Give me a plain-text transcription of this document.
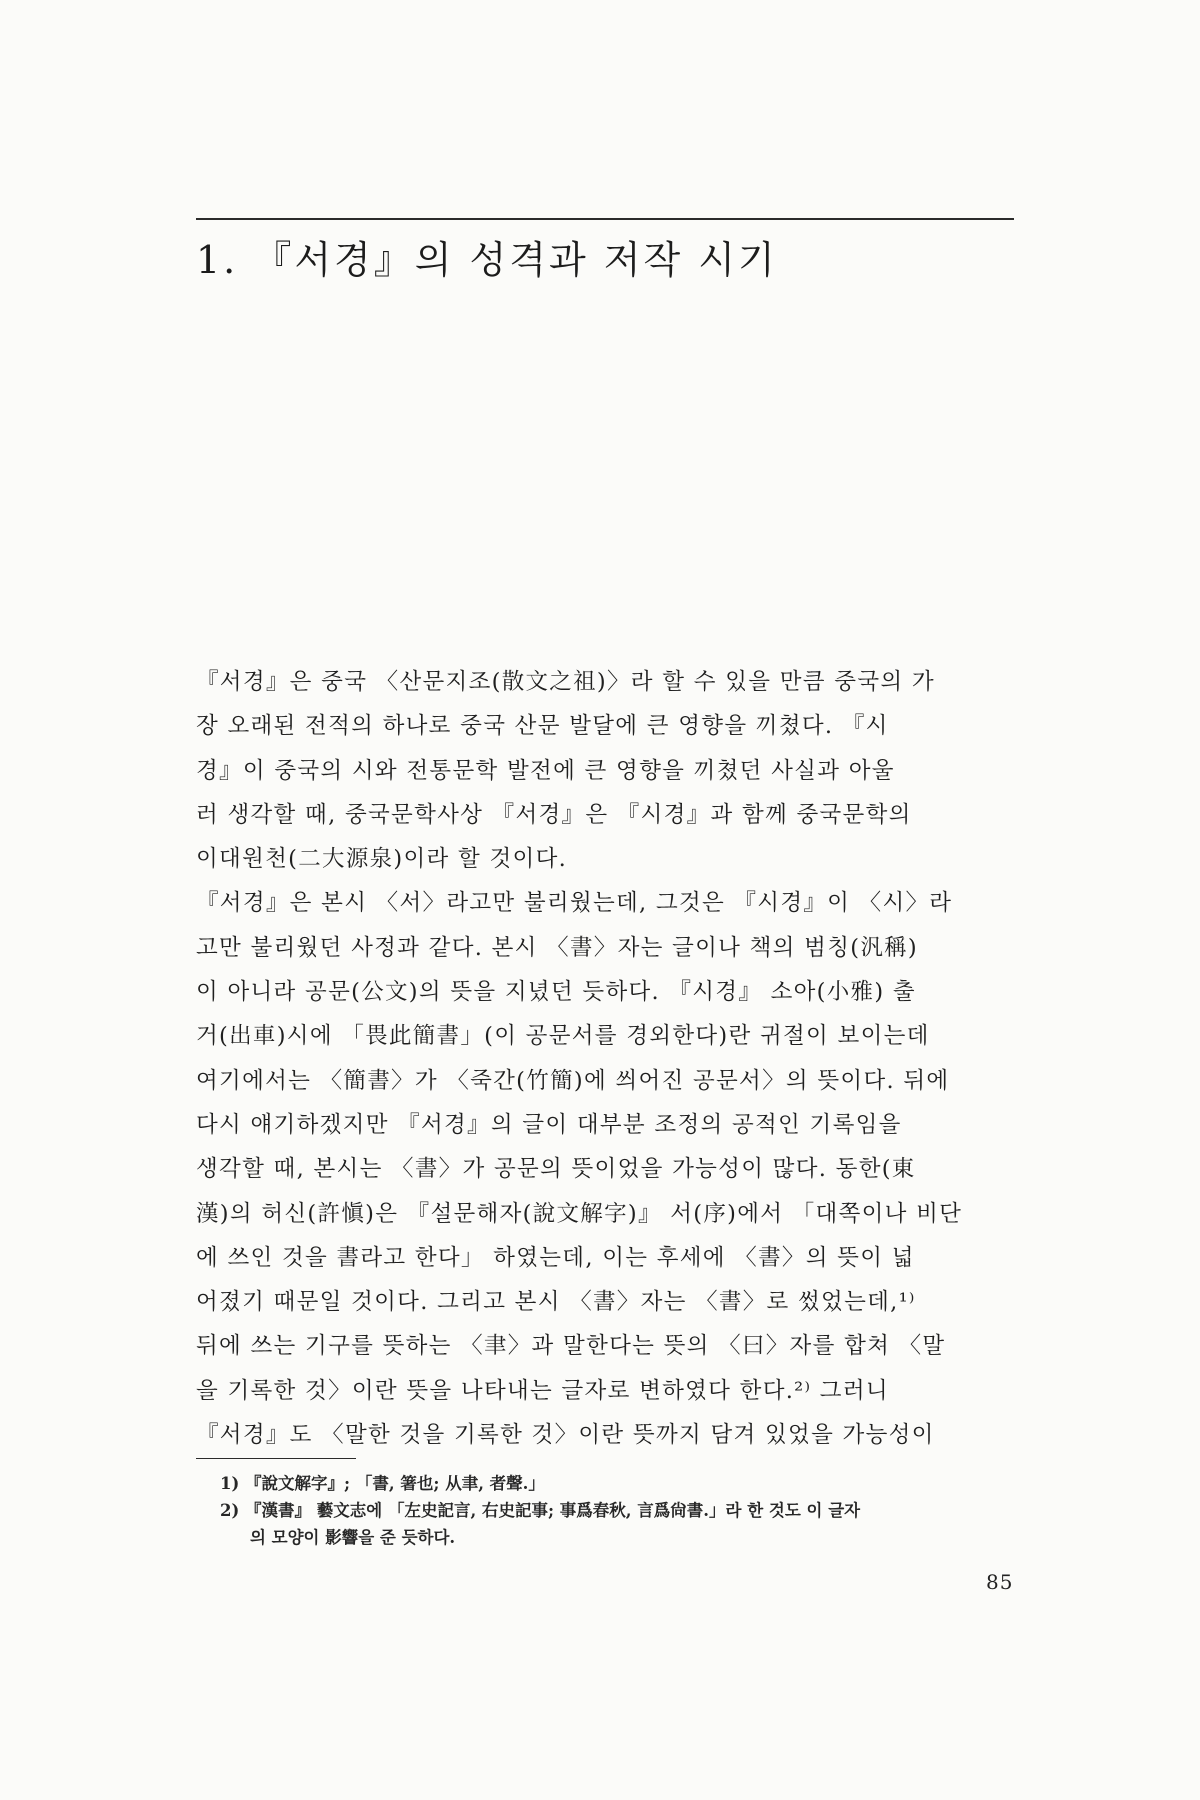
1. 『서경』의 성격과 저작 시기
『서경』은 중국 〈산문지조(散文之祖)〉라 할 수 있을 만큼 중국의 가
장 오래된 전적의 하나로 중국 산문 발달에 큰 영향을 끼쳤다. 『시
경』이 중국의 시와 전통문학 발전에 큰 영향을 끼쳤던 사실과 아울
러 생각할 때, 중국문학사상 『서경』은 『시경』과 함께 중국문학의
이대원천(二大源泉)이라 할 것이다.
『서경』은 본시 〈서〉라고만 불리웠는데, 그것은 『시경』이 〈시〉라
고만 불리웠던 사정과 같다. 본시 〈書〉자는 글이나 책의 범칭(汎稱)
이 아니라 공문(公文)의 뜻을 지녔던 듯하다. 『시경』 소아(小雅) 출
거(出車)시에 「畏此簡書」(이 공문서를 경외한다)란 귀절이 보이는데
여기에서는 〈簡書〉가 〈죽간(竹簡)에 씌어진 공문서〉의 뜻이다. 뒤에
다시 얘기하겠지만 『서경』의 글이 대부분 조정의 공적인 기록임을
생각할 때, 본시는 〈書〉가 공문의 뜻이었을 가능성이 많다. 동한(東
漢)의 허신(許愼)은 『설문해자(說文解字)』 서(序)에서 「대쪽이나 비단
에 쓰인 것을 書라고 한다」 하였는데, 이는 후세에 〈書〉의 뜻이 넓
어졌기 때문일 것이다. 그리고 본시 〈書〉자는 〈書〉로 썼었는데,¹⁾
뒤에 쓰는 기구를 뜻하는 〈聿〉과 말한다는 뜻의 〈曰〉자를 합쳐 〈말
을 기록한 것〉이란 뜻을 나타내는 글자로 변하였다 한다.²⁾ 그러니
『서경』도 〈말한 것을 기록한 것〉이란 뜻까지 담겨 있었을 가능성이
1) 『說文解字』; 「書, 箸也; 从聿, 者聲.」
2) 『漢書』 藝文志에 「左史記言, 右史記事; 事爲春秋, 言爲尙書.」라 한 것도 이 글자
의 모양이 影響을 준 듯하다.
85
